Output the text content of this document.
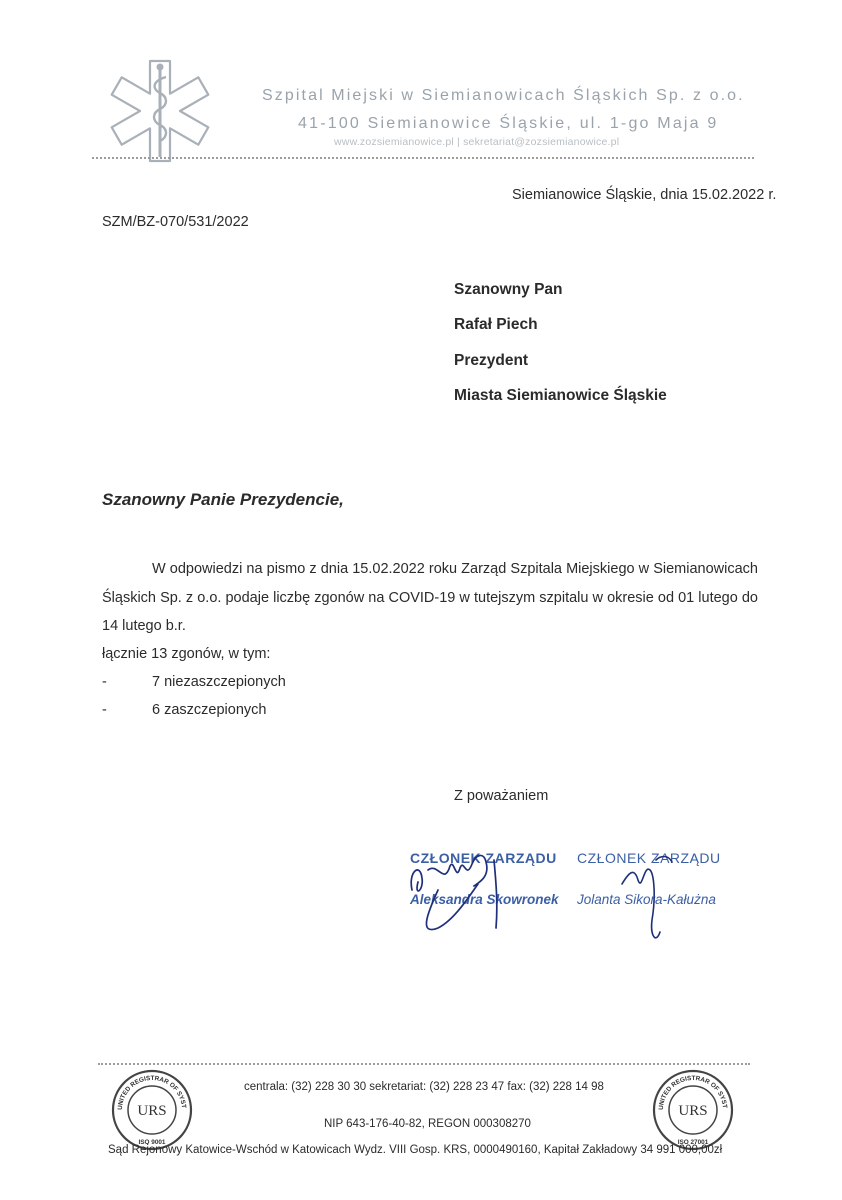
Szpital Miejski w Siemianowicach Śląskich Sp. z o.o.
41-100 Siemianowice Śląskie, ul. 1-go Maja 9
www.zozsiemianowice.pl | sekretariat@zozsiemianowice.pl
Siemianowice Śląskie, dnia 15.02.2022 r.
SZM/BZ-070/531/2022
Szanowny Pan
Rafał Piech
Prezydent
Miasta Siemianowice Śląskie
Szanowny Panie Prezydencie,
W odpowiedzi na pismo z dnia 15.02.2022 roku Zarząd Szpitala Miejskiego w Siemianowicach Śląskich Sp. z o.o. podaje liczbę zgonów na COVID-19 w tutejszym szpitalu w okresie od 01 lutego do 14 lutego b.r.
łącznie 13 zgonów, w tym:
-	7 niezaszczepionych
-	6 zaszczepionych
Z poważaniem
CZŁONEK ZARZĄDU
Aleksandra Skowronek
CZŁONEK ZARZĄDU
Jolanta Sikora-Kałużna
UNITED REGISTRAR OF SYST
URS
ISO 9001
UNITED REGISTRAR OF SYST
URS
ISO 27001
centrala: (32) 228 30 30 sekretariat: (32) 228 23 47 fax: (32) 228 14 98
NIP 643-176-40-82, REGON 000308270
Sąd Rejonowy Katowice-Wschód w Katowicach Wydz. VIII Gosp. KRS, 0000490160, Kapitał Zakładowy 34 991 000,00zł
